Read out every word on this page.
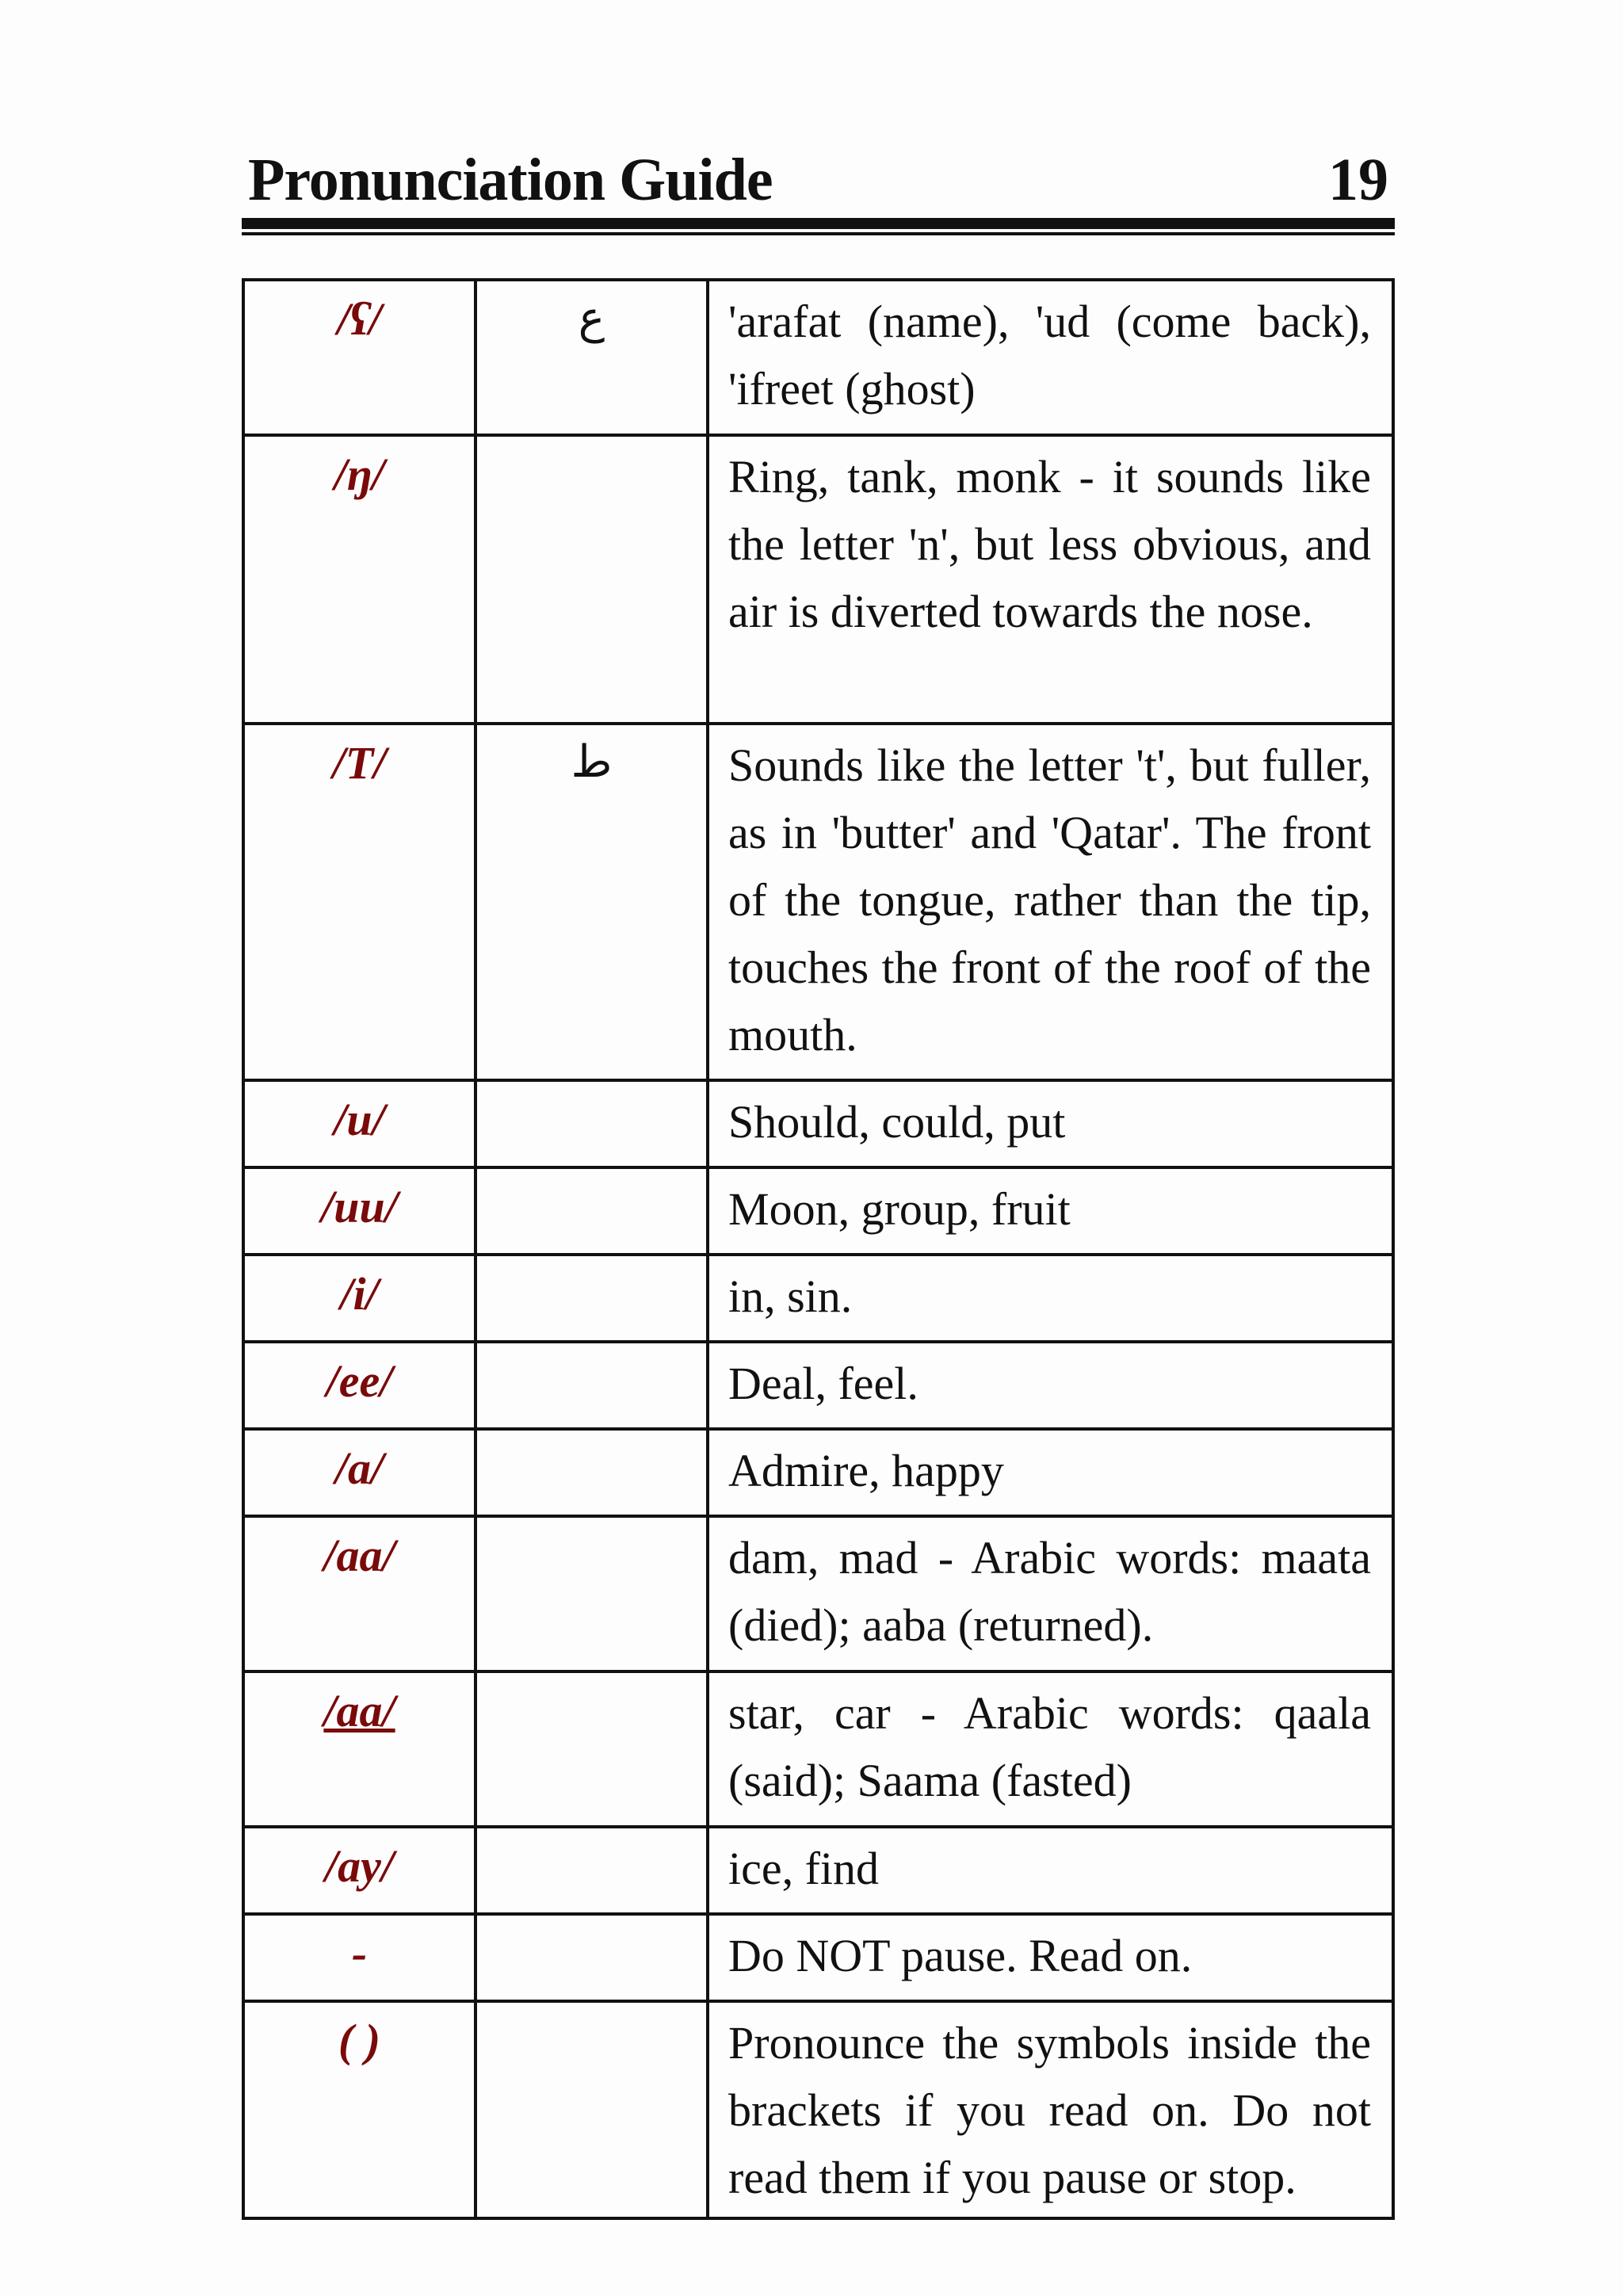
Pronunciation Guide	19
/ʕ/	ع	'arafat (name), 'ud (come back), 'ifreet (ghost)
/ŋ/		Ring, tank, monk - it sounds like the letter 'n', but less obvious, and air is diverted towards the nose.
/T/	ط	Sounds like the letter 't', but fuller, as in 'butter' and 'Qatar'. The front of the tongue, rather than the tip, touches the front of the roof of the mouth.
/u/		Should, could, put
/uu/		Moon, group, fruit
/i/		in, sin.
/ee/		Deal, feel.
/a/		Admire, happy
/aa/		dam, mad - Arabic words: maata (died); aaba (returned).
/aa/		star, car - Arabic words: qaala (said); Saama (fasted)
/ay/		ice, find
-		Do NOT pause. Read on.
( )		Pronounce the symbols inside the brackets if you read on. Do not read them if you pause or stop.
